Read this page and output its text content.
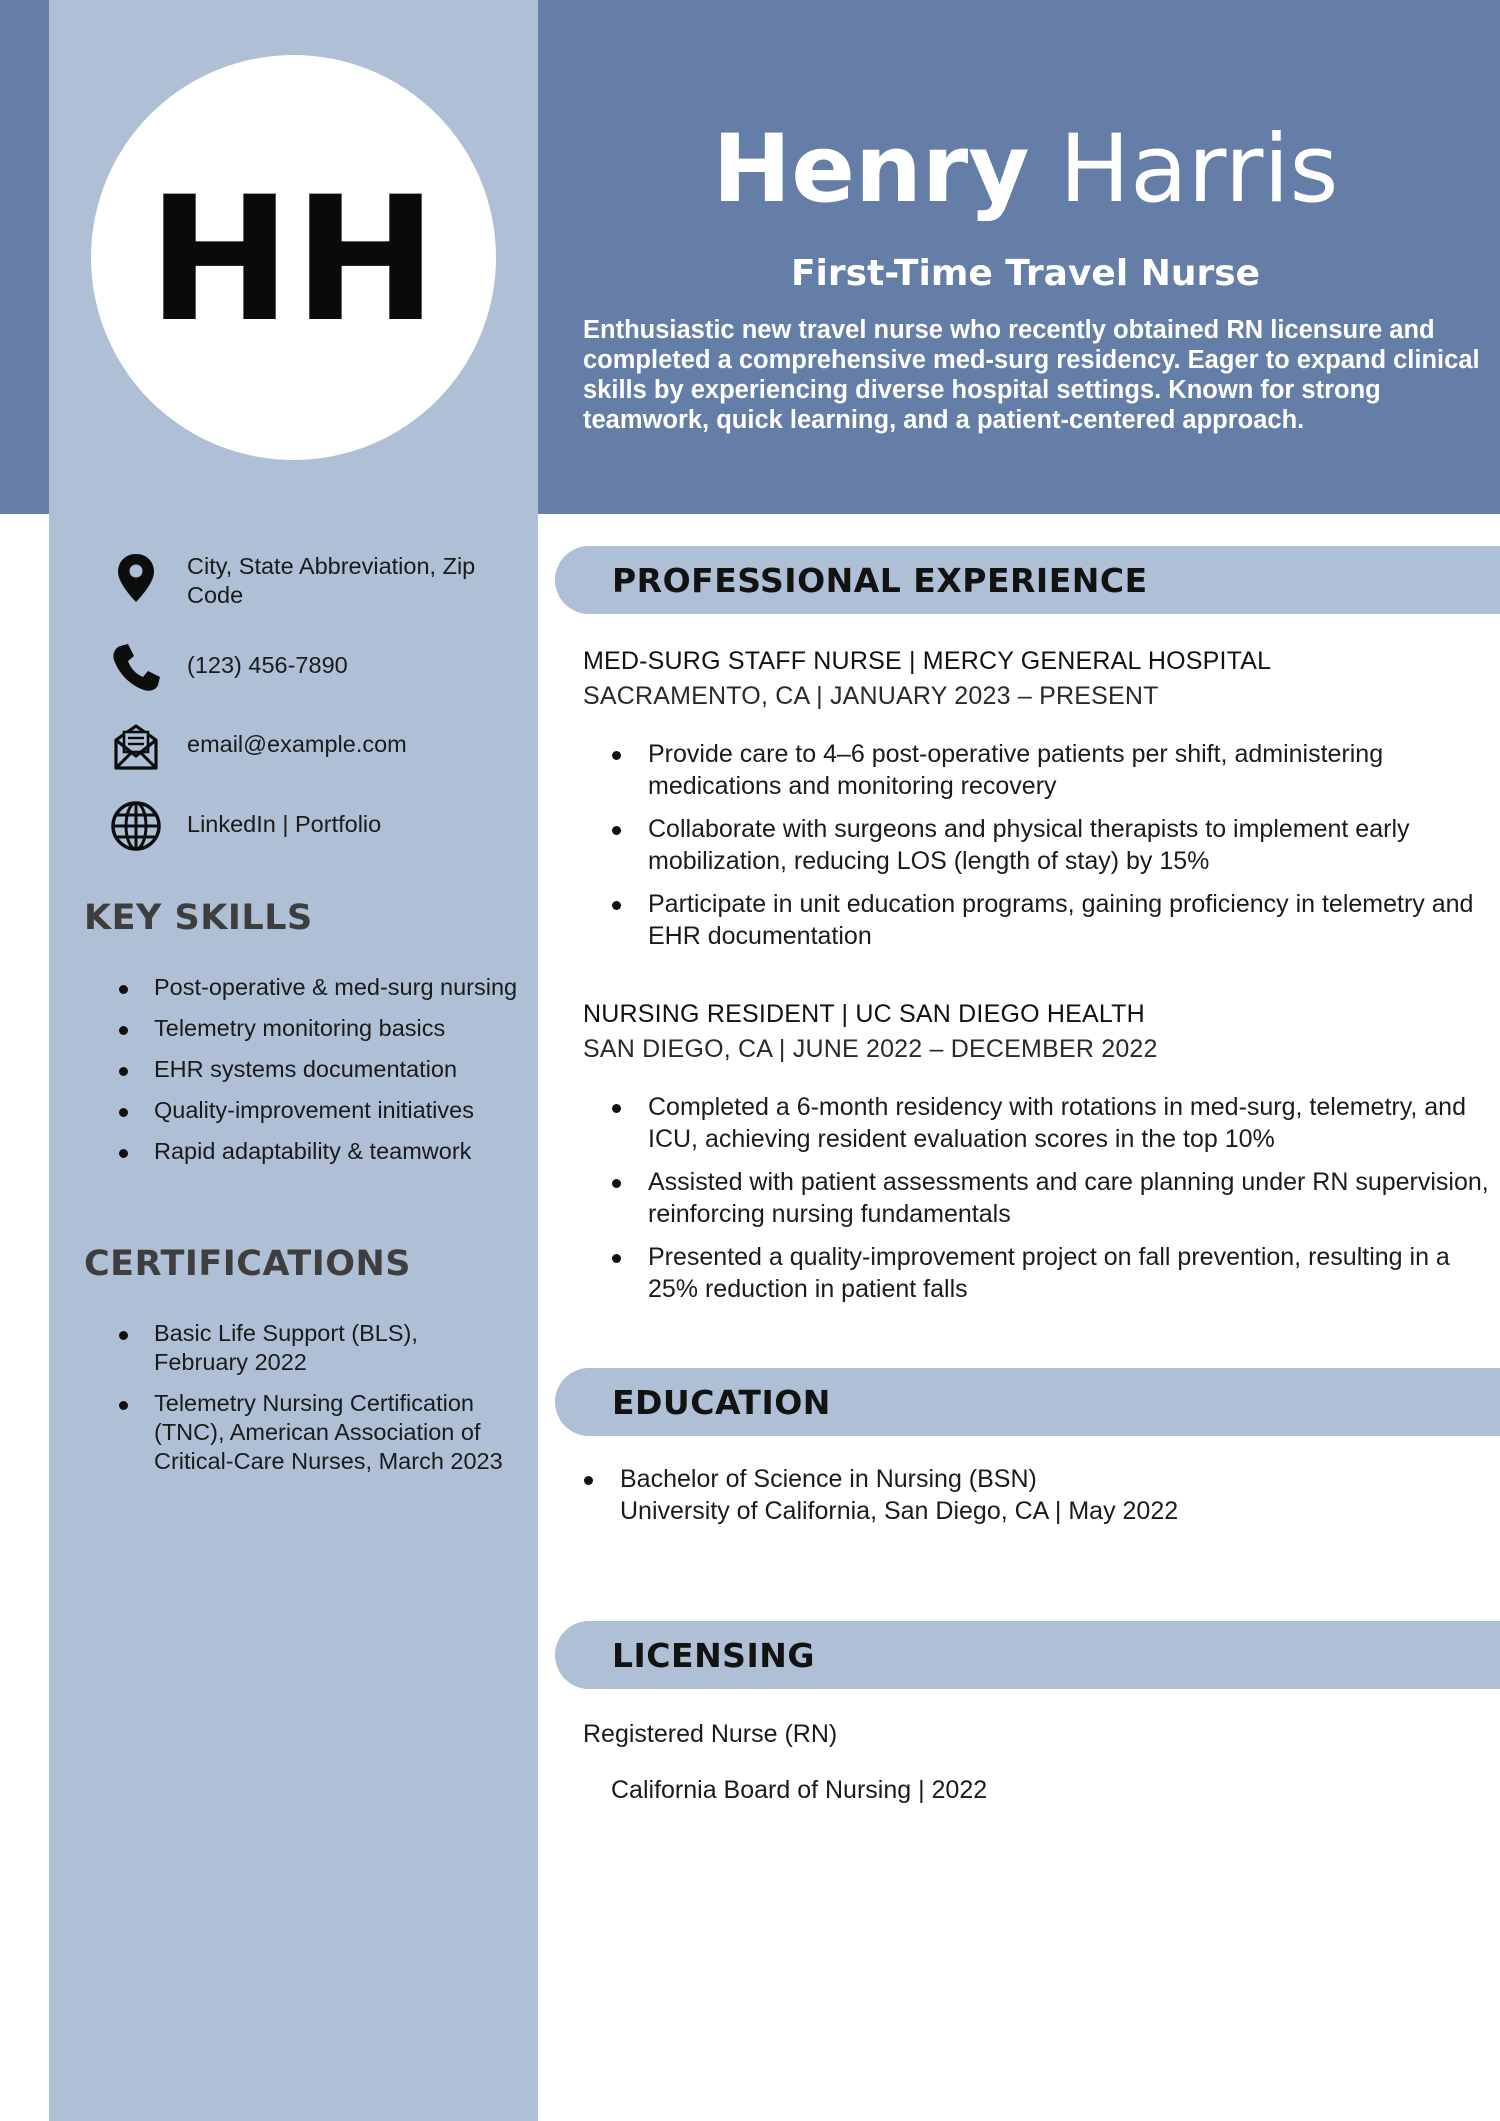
HH	Henry Harris
First-Time Travel Nurse
Enthusiastic new travel nurse who recently obtained RN licensure and completed a comprehensive med-surg residency. Eager to expand clinical skills by experiencing diverse hospital settings. Known for strong teamwork, quick learning, and a patient-centered approach.
City, State Abbreviation, Zip Code
(123) 456-7890
email@example.com
LinkedIn | Portfolio
KEY SKILLS
Post-operative & med-surg nursing
Telemetry monitoring basics
EHR systems documentation
Quality-improvement initiatives
Rapid adaptability & teamwork
CERTIFICATIONS
Basic Life Support (BLS), February 2022
Telemetry Nursing Certification (TNC), American Association of Critical-Care Nurses, March 2023
PROFESSIONAL EXPERIENCE
MED-SURG STAFF NURSE | MERCY GENERAL HOSPITAL
SACRAMENTO, CA | JANUARY 2023 – PRESENT
Provide care to 4–6 post-operative patients per shift, administering medications and monitoring recovery
Collaborate with surgeons and physical therapists to implement early mobilization, reducing LOS (length of stay) by 15%
Participate in unit education programs, gaining proficiency in telemetry and EHR documentation
NURSING RESIDENT | UC SAN DIEGO HEALTH
SAN DIEGO, CA | JUNE 2022 – DECEMBER 2022
Completed a 6-month residency with rotations in med-surg, telemetry, and ICU, achieving resident evaluation scores in the top 10%
Assisted with patient assessments and care planning under RN supervision, reinforcing nursing fundamentals
Presented a quality-improvement project on fall prevention, resulting in a 25% reduction in patient falls
EDUCATION
Bachelor of Science in Nursing (BSN)
University of California, San Diego, CA | May 2022
LICENSING
Registered Nurse (RN)
California Board of Nursing | 2022
